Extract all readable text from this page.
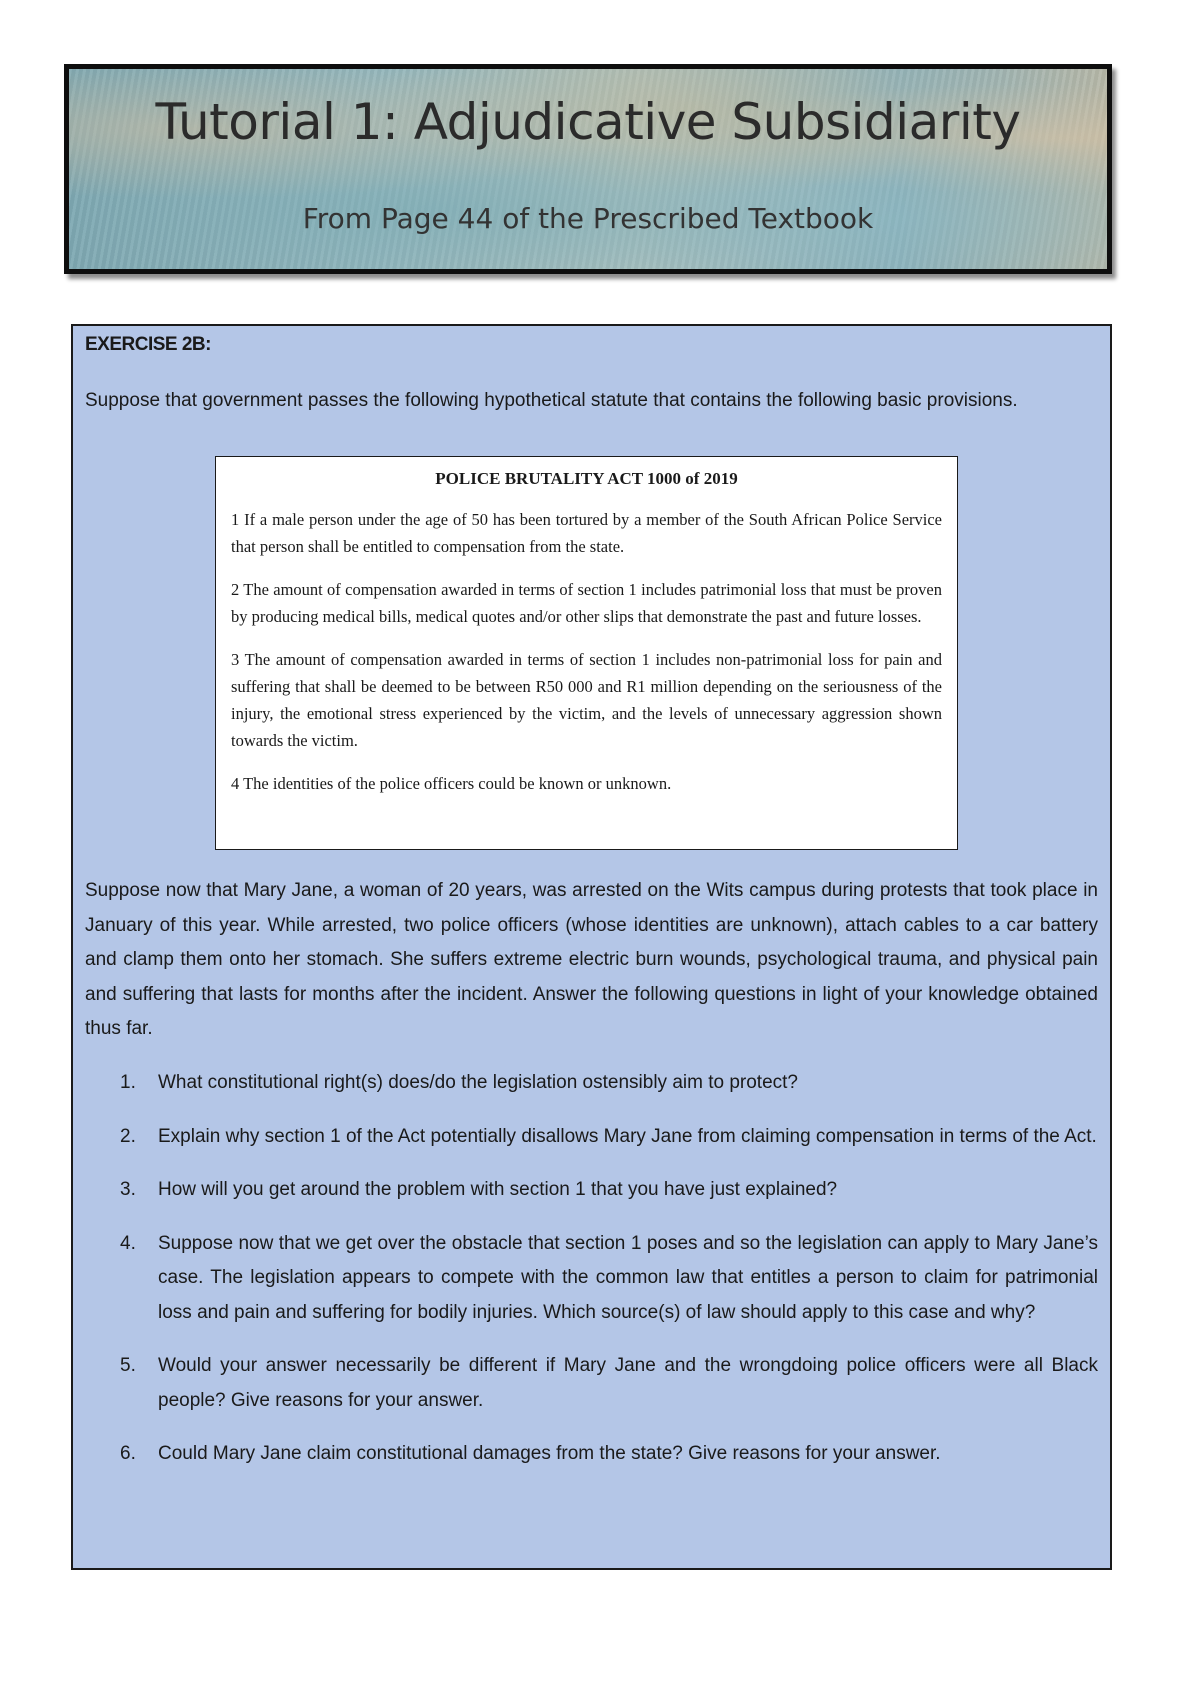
Tutorial 1: Adjudicative Subsidiarity
From Page 44 of the Prescribed Textbook
EXERCISE 2B:
Suppose that government passes the following hypothetical statute that contains the following basic provisions.
POLICE BRUTALITY ACT 1000 of 2019

1 If a male person under the age of 50 has been tortured by a member of the South African Police Service that person shall be entitled to compensation from the state.

2 The amount of compensation awarded in terms of section 1 includes patrimonial loss that must be proven by producing medical bills, medical quotes and/or other slips that demonstrate the past and future losses.

3 The amount of compensation awarded in terms of section 1 includes non-patrimonial loss for pain and suffering that shall be deemed to be between R50 000 and R1 million depending on the seriousness of the injury, the emotional stress experienced by the victim, and the levels of unnecessary aggression shown towards the victim.

4 The identities of the police officers could be known or unknown.

Suppose now that Mary Jane, a woman of 20 years, was arrested on the Wits campus during protests that took place in January of this year. While arrested, two police officers (whose identities are unknown), attach cables to a car battery and clamp them onto her stomach. She suffers extreme electric burn wounds, psychological trauma, and physical pain and suffering that lasts for months after the incident. Answer the following questions in light of your knowledge obtained thus far.
1. What constitutional right(s) does/do the legislation ostensibly aim to protect?
2. Explain why section 1 of the Act potentially disallows Mary Jane from claiming compensation in terms of the Act.
3. How will you get around the problem with section 1 that you have just explained?
4. Suppose now that we get over the obstacle that section 1 poses and so the legislation can apply to Mary Jane’s case. The legislation appears to compete with the common law that entitles a person to claim for patrimonial loss and pain and suffering for bodily injuries. Which source(s) of law should apply to this case and why?
5. Would your answer necessarily be different if Mary Jane and the wrongdoing police officers were all Black people? Give reasons for your answer.
6. Could Mary Jane claim constitutional damages from the state? Give reasons for your answer.
